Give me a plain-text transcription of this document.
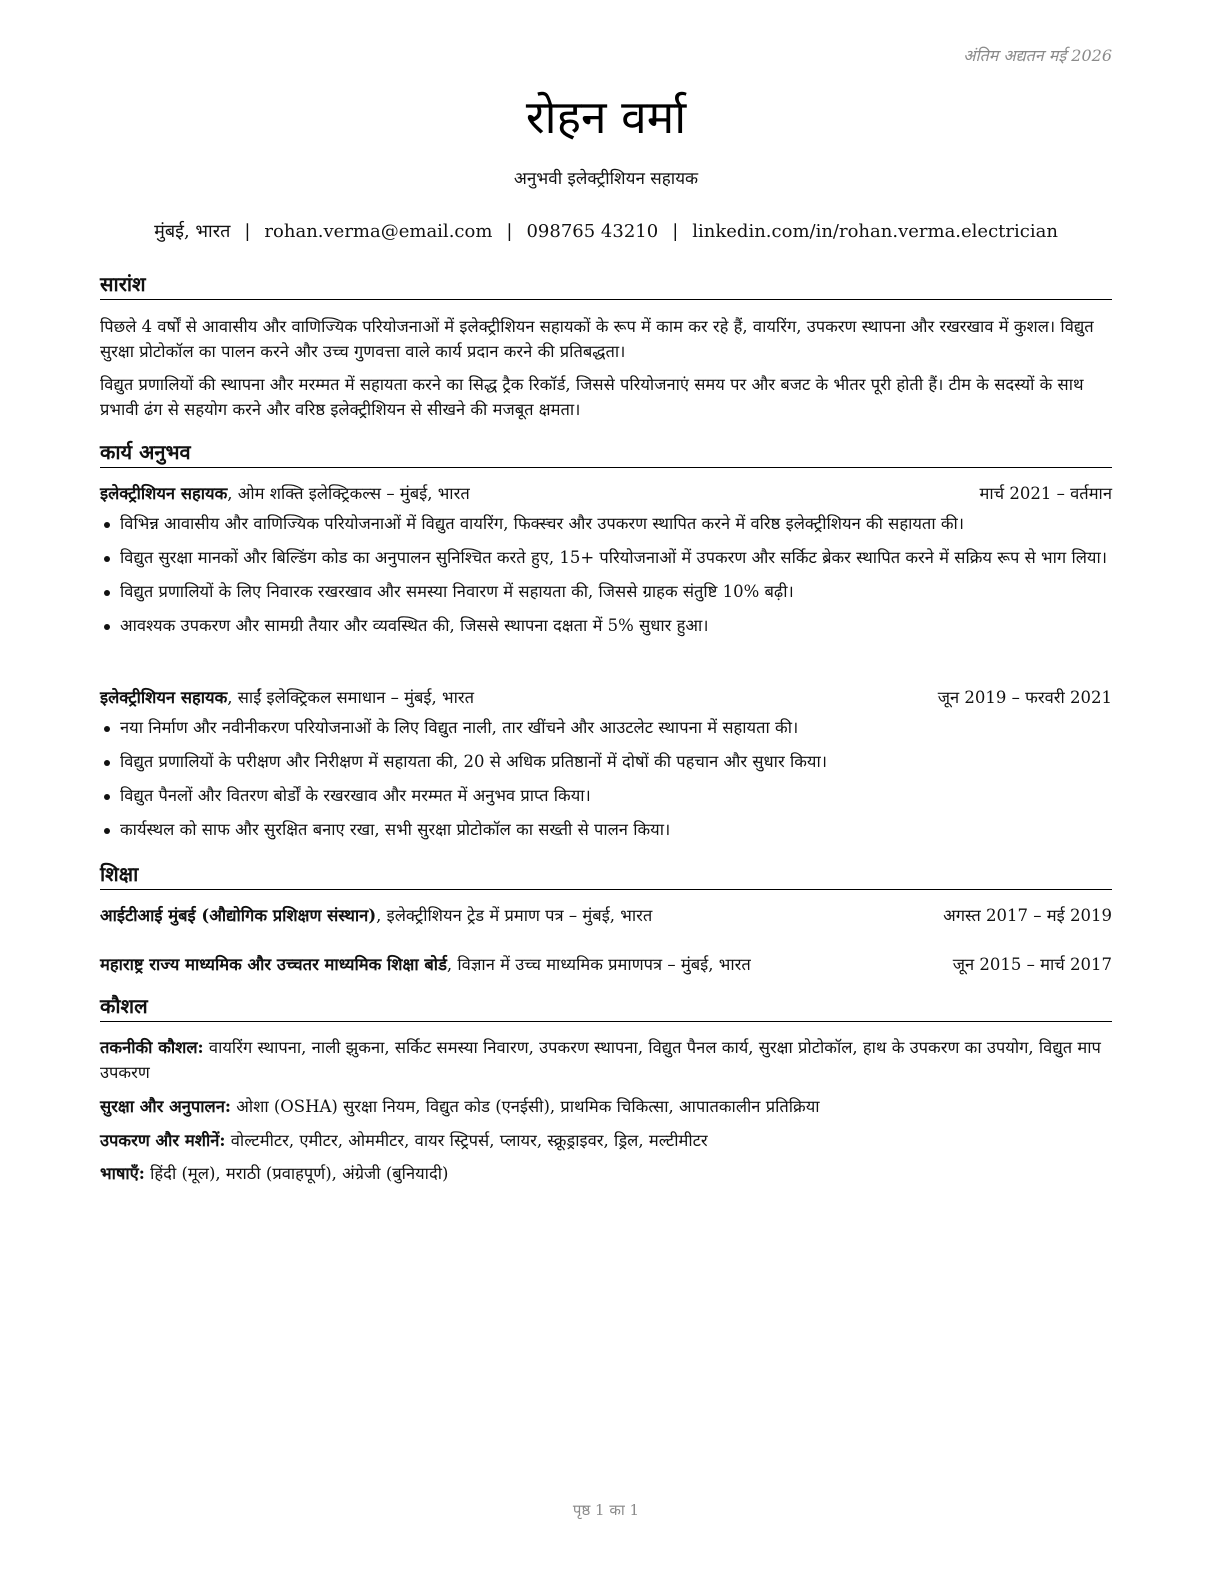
अंतिम अद्यतन मई 2026
रोहन वर्मा
अनुभवी इलेक्ट्रीशियन सहायक
मुंबई, भारत | rohan.verma@email.com | 098765 43210 | linkedin.com/in/rohan.verma.electrician
सारांश
पिछले 4 वर्षों से आवासीय और वाणिज्यिक परियोजनाओं में इलेक्ट्रीशियन सहायकों के रूप में काम कर रहे हैं, वायरिंग, उपकरण स्थापना और रखरखाव में कुशल। विद्युत सुरक्षा प्रोटोकॉल का पालन करने और उच्च गुणवत्ता वाले कार्य प्रदान करने की प्रतिबद्धता।
विद्युत प्रणालियों की स्थापना और मरम्मत में सहायता करने का सिद्ध ट्रैक रिकॉर्ड, जिससे परियोजनाएं समय पर और बजट के भीतर पूरी होती हैं। टीम के सदस्यों के साथ प्रभावी ढंग से सहयोग करने और वरिष्ठ इलेक्ट्रीशियन से सीखने की मजबूत क्षमता।
कार्य अनुभव
इलेक्ट्रीशियन सहायक, ओम शक्ति इलेक्ट्रिकल्स – मुंबई, भारत	मार्च 2021 – वर्तमान
विभिन्न आवासीय और वाणिज्यिक परियोजनाओं में विद्युत वायरिंग, फिक्स्चर और उपकरण स्थापित करने में वरिष्ठ इलेक्ट्रीशियन की सहायता की।
विद्युत सुरक्षा मानकों और बिल्डिंग कोड का अनुपालन सुनिश्चित करते हुए, 15+ परियोजनाओं में उपकरण और सर्किट ब्रेकर स्थापित करने में सक्रिय रूप से भाग लिया।
विद्युत प्रणालियों के लिए निवारक रखरखाव और समस्या निवारण में सहायता की, जिससे ग्राहक संतुष्टि 10% बढ़ी।
आवश्यक उपकरण और सामग्री तैयार और व्यवस्थित की, जिससे स्थापना दक्षता में 5% सुधार हुआ।
इलेक्ट्रीशियन सहायक, साईं इलेक्ट्रिकल समाधान – मुंबई, भारत	जून 2019 – फरवरी 2021
नया निर्माण और नवीनीकरण परियोजनाओं के लिए विद्युत नाली, तार खींचने और आउटलेट स्थापना में सहायता की।
विद्युत प्रणालियों के परीक्षण और निरीक्षण में सहायता की, 20 से अधिक प्रतिष्ठानों में दोषों की पहचान और सुधार किया।
विद्युत पैनलों और वितरण बोर्डों के रखरखाव और मरम्मत में अनुभव प्राप्त किया।
कार्यस्थल को साफ और सुरक्षित बनाए रखा, सभी सुरक्षा प्रोटोकॉल का सख्ती से पालन किया।
शिक्षा
आईटीआई मुंबई (औद्योगिक प्रशिक्षण संस्थान), इलेक्ट्रीशियन ट्रेड में प्रमाण पत्र – मुंबई, भारत	अगस्त 2017 – मई 2019
महाराष्ट्र राज्य माध्यमिक और उच्चतर माध्यमिक शिक्षा बोर्ड, विज्ञान में उच्च माध्यमिक प्रमाणपत्र – मुंबई, भारत	जून 2015 – मार्च 2017
कौशल
तकनीकी कौशल: वायरिंग स्थापना, नाली झुकना, सर्किट समस्या निवारण, उपकरण स्थापना, विद्युत पैनल कार्य, सुरक्षा प्रोटोकॉल, हाथ के उपकरण का उपयोग, विद्युत माप उपकरण
सुरक्षा और अनुपालन: ओशा (OSHA) सुरक्षा नियम, विद्युत कोड (एनईसी), प्राथमिक चिकित्सा, आपातकालीन प्रतिक्रिया
उपकरण और मशीनें: वोल्टमीटर, एमीटर, ओममीटर, वायर स्ट्रिपर्स, प्लायर, स्क्रूड्राइवर, ड्रिल, मल्टीमीटर
भाषाएँ: हिंदी (मूल), मराठी (प्रवाहपूर्ण), अंग्रेजी (बुनियादी)
पृष्ठ 1 का 1
